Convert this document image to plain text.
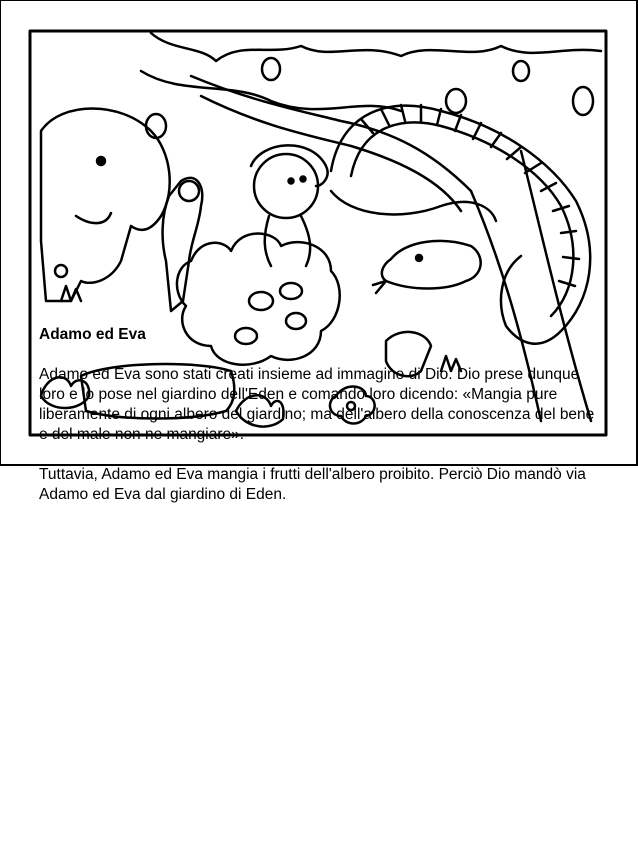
Adamo ed Eva

Adamo ed Eva sono stati creati insieme ad immagine di Dio. Dio prese dunque loro e lo pose nel giardino dell'Eden e comandò loro dicendo: «Mangia pure liberamente di ogni albero del giardino; ma dell'albero della conoscenza del bene e del male non ne mangiare».

Tuttavia, Adamo ed Eva mangia i frutti dell'albero proibito. Perciò Dio mandò via Adamo ed Eva dal giardino di Eden.
